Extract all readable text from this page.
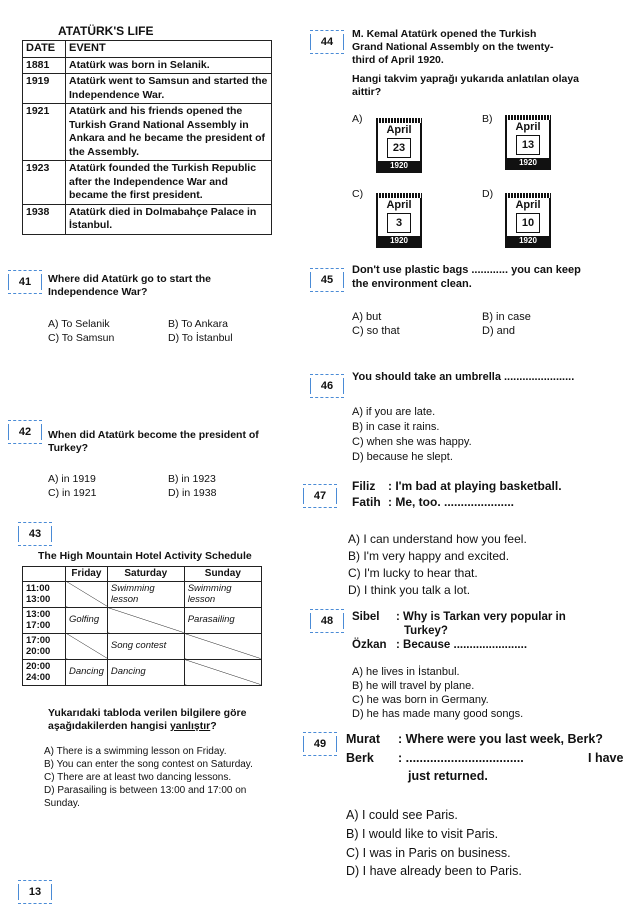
ATATÜRK'S LIFE
DATE	EVENT
1881	Atatürk was born in Selanik.
1919	Atatürk went to Samsun and started the Independence War.
1921	Atatürk and his friends opened the Turkish Grand National Assembly in Ankara and he became the president of the Assembly.
1923	Atatürk founded the Turkish Republic after the Independence War and became the first president.
1938	Atatürk died in Dolmabahçe Palace in İstanbul.
41	Where did Atatürk go to start the Independence War?
A) To Selanik	B) To Ankara
C) To Samsun	D) To İstanbul
42	When did Atatürk become the president of Turkey?
A) in 1919	B) in 1923
C) in 1921	D) in 1938
43
The High Mountain Hotel Activity Schedule
	Friday	Saturday	Sunday
11:00 13:00		Swimming lesson	Swimming lesson
13:00 17:00	Golfing		Parasailing
17:00 20:00		Song contest	
20:00 24:00	Dancing	Dancing	
Yukarıdaki tabloda verilen bilgilere göre aşağıdakilerden hangisi yanlıştır?
A) There is a swimming lesson on Friday.
B) You can enter the song contest on Saturday.
C) There are at least two dancing lessons.
D) Parasailing is between 13:00 and 17:00 on Sunday.
13
44
M. Kemal Atatürk opened the Turkish Grand National Assembly on the twenty-third of April 1920.
Hangi takvim yaprağı yukarıda anlatılan olaya aittir?
A)
April
23
1920
B)
April
13
1920
C)
April
3
1920
D)
April
10
1920
45
Don't use plastic bags ............ you can keep the environment clean.
A) but	B) in case
C) so that	D) and
46
You should take an umbrella .......................
A) if you are late.
B) in case it rains.
C) when she was happy.
D) because he slept.
47
Filiz : I'm bad at playing basketball.
Fatih : Me, too. .....................
A) I can understand how you feel.
B) I'm very happy and excited.
C) I'm lucky to hear that.
D) I think you talk a lot.
48	Sibel : Why is Tarkan very popular in
Turkey?
Özkan : Because .......................
A) he lives in İstanbul.
B) he will travel by plane.
C) he was born in Germany.
D) he has made many good songs.
49	Murat : Where were you last week, Berk?
Berk : ..................................	I have
just returned.
A) I could see Paris.
B) I would like to visit Paris.
C) I was in Paris on business.
D) I have already been to Paris.
